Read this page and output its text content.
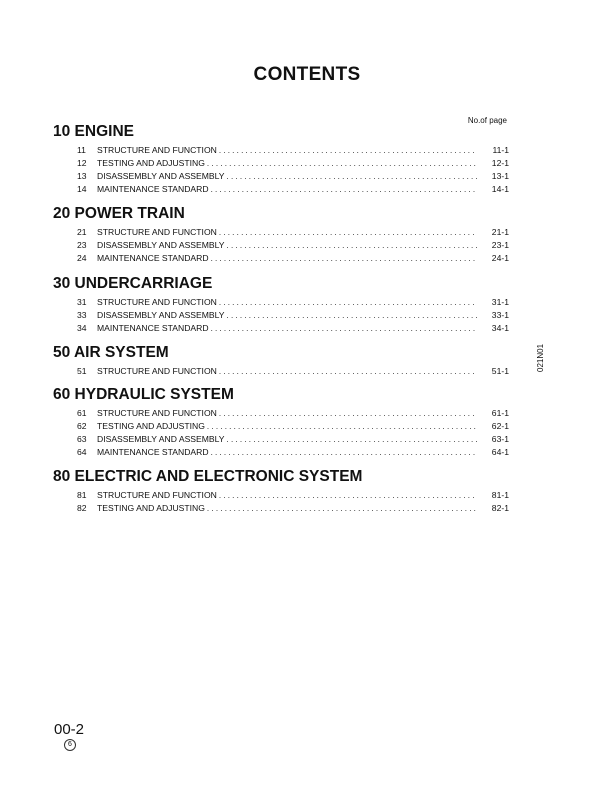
CONTENTS
No.of page
10 ENGINE
11	STRUCTURE AND FUNCTION . . .	11-1
12	TESTING AND ADJUSTING . . .	12-1
13	DISASSEMBLY AND ASSEMBLY . . .	13-1
14	MAINTENANCE STANDARD . . .	14-1
20 POWER TRAIN
21	STRUCTURE AND FUNCTION . . .	21-1
23	DISASSEMBLY AND ASSEMBLY . . .	23-1
24	MAINTENANCE STANDARD . . .	24-1
30 UNDERCARRIAGE
31	STRUCTURE AND FUNCTION . . .	31-1
33	DISASSEMBLY AND ASSEMBLY . . .	33-1
34	MAINTENANCE STANDARD . . .	34-1
50 AIR SYSTEM
51	STRUCTURE AND FUNCTION . . .	51-1
60 HYDRAULIC SYSTEM
61	STRUCTURE AND FUNCTION . . .	61-1
62	TESTING AND ADJUSTING . . .	62-1
63	DISASSEMBLY AND ASSEMBLY . . .	63-1
64	MAINTENANCE STANDARD . . .	64-1
80 ELECTRIC AND ELECTRONIC SYSTEM
81	STRUCTURE AND FUNCTION . . .	81-1
82	TESTING AND ADJUSTING . . .	82-1
021N01
00-2
6
